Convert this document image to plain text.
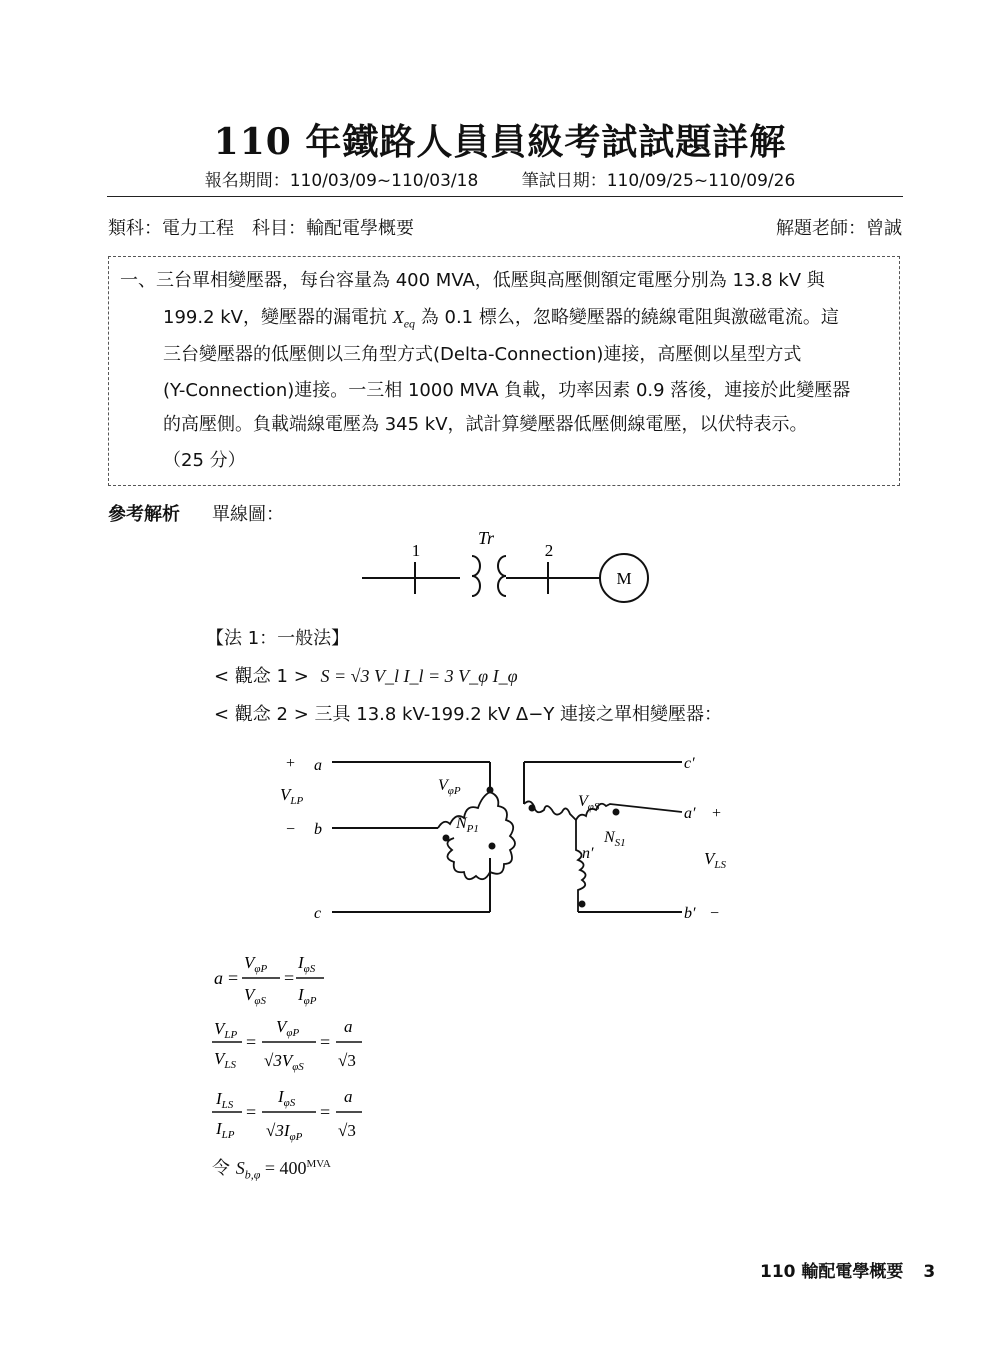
110 年鐵路人員員級考試試題詳解
報名期間：110/03/09~110/03/18	筆試日期：110/09/25~110/09/26
類科：電力工程　科目：輸配電學概要	解題老師：曾誠
一、三台單相變壓器，每台容量為 400 MVA，低壓與高壓側額定電壓分別為 13.8 kV 與
199.2 kV，變壓器的漏電抗 $X_{eq}$ 為 0.1 標么，忽略變壓器的繞線電阻與激磁電流。這
三台變壓器的低壓側以三角型方式(Delta-Connection)連接，高壓側以星型方式
(Y-Connection)連接。一三相 1000 MVA 負載，功率因素 0.9 落後，連接於此變壓器
的高壓側。負載端線電壓為 345 kV，試計算變壓器低壓側線電壓，以伏特表示。
（25 分）
參考解析 單線圖：
1
Tr
2
M
【法 1：一般法】
< 觀念 1 > S = √3 V_l I_l = 3 V_φ I_φ
< 觀念 2 > 三具 13.8 kV-199.2 kV Δ−Y 連接之單相變壓器：
+ a
$V_{LP}$
− b
c
$V_{\varphi P}$
$N_{P1}$
c′
a′ +
b′ −
$V_{\varphi S}$
$N_{S1}$
n′	$V_{LS}$
a =
$V_{\varphi P}$
$V_{\varphi S}$
=
$I_{\varphi S}$
$I_{\varphi P}$
$V_{LP}$
$V_{LS}$
=
$V_{\varphi P}$
$√3V_{\varphi S}$
=
a
√3
$I_{LS}$
$I_{LP}$
=
$I_{\varphi S}$
$√3I_{\varphi P}$
=
a
√3
令 $S_{b,\varphi} = 400^{MVA}$
110 輸配電學概要 3
